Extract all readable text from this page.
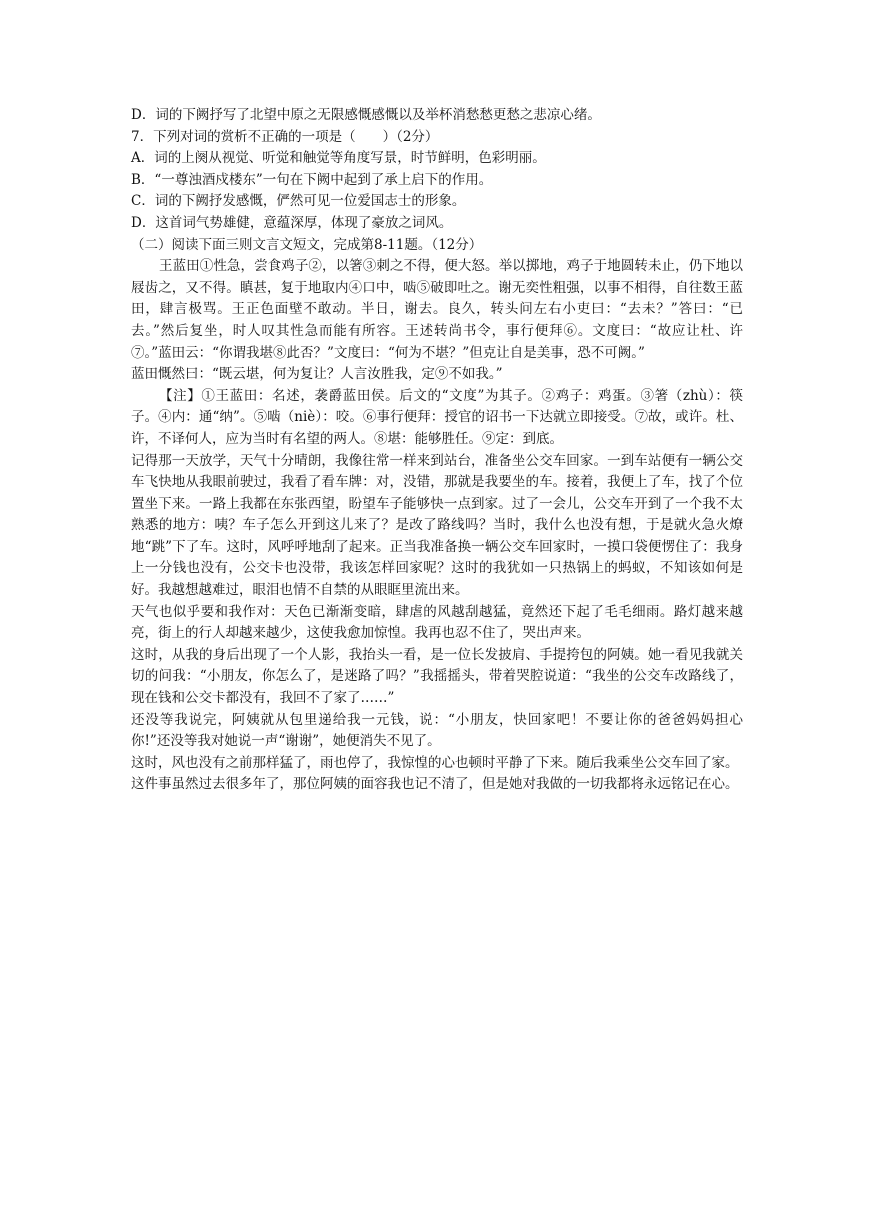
D．词的下阙抒写了北望中原之无限感慨感慨以及举杯消愁愁更愁之悲凉心绪。

7．下列对词的赏析不正确的一项是（　　）（2分）

A．词的上阕从视觉、听觉和触觉等角度写景，时节鲜明，色彩明丽。

B．“一尊浊酒戍楼东”一句在下阙中起到了承上启下的作用。

C．词的下阙抒发感慨，俨然可见一位爱国志士的形象。

D．这首词气势雄健，意蕴深厚，体现了豪放之词风。

（二）阅读下面三则文言文短文，完成第8-11题。（12分）

王蓝田①性急，尝食鸡子②，以箸③刺之不得，便大怒。举以掷地，鸡子于地圆转未止，仍下地以屐齿之，又不得。瞋甚，复于地取内④口中，啮⑤破即吐之。谢无奕性粗强，以事不相得，自往数王蓝田，肆言极骂。王正色面壁不敢动。半日，谢去。良久，转头问左右小吏曰：“去未？”答曰：“已去。”然后复坐，时人叹其性急而能有所容。王述转尚书令，事行便拜⑥。文度曰：“故应让杜、许⑦。”蓝田云：“你谓我堪⑧此否？”文度曰：“何为不堪？”但克让自是美事，恐不可阙。”

蓝田慨然曰：“既云堪，何为复让？人言汝胜我，定⑨不如我。”

【注】①王蓝田：名述，袭爵蓝田侯。后文的“文度”为其子。②鸡子：鸡蛋。③箸（zhù）：筷子。④内：通“纳”。⑤啮（niè）：咬。⑥事行便拜：授官的诏书一下达就立即接受。⑦故，或许。杜、许，不译何人，应为当时有名望的两人。⑧堪：能够胜任。⑨定：到底。

记得那一天放学，天气十分晴朗，我像往常一样来到站台，准备坐公交车回家。一到车站便有一辆公交车飞快地从我眼前驶过，我看了看车牌：对，没错，那就是我要坐的车。接着，我便上了车，找了个位置坐下来。一路上我都在东张西望，盼望车子能够快一点到家。过了一会儿，公交车开到了一个我不太熟悉的地方：咦？车子怎么开到这儿来了？是改了路线吗？当时，我什么也没有想，于是就火急火燎地“跳”下了车。这时，风呼呼地刮了起来。正当我准备换一辆公交车回家时，一摸口袋便愣住了：我身上一分钱也没有，公交卡也没带，我该怎样回家呢？这时的我犹如一只热锅上的蚂蚁，不知该如何是好。我越想越难过，眼泪也情不自禁的从眼眶里流出来。

天气也似乎要和我作对：天色已渐渐变暗，肆虐的风越刮越猛，竟然还下起了毛毛细雨。路灯越来越亮，街上的行人却越来越少，这使我愈加惊惶。我再也忍不住了，哭出声来。

这时，从我的身后出现了一个人影，我抬头一看，是一位长发披肩、手提挎包的阿姨。她一看见我就关切的问我：“小朋友，你怎么了，是迷路了吗？”我摇摇头，带着哭腔说道：“我坐的公交车改路线了，现在钱和公交卡都没有，我回不了家了……”

还没等我说完，阿姨就从包里递给我一元钱，说：“小朋友，快回家吧！不要让你的爸爸妈妈担心你!”还没等我对她说一声“谢谢”，她便消失不见了。

这时，风也没有之前那样猛了，雨也停了，我惊惶的心也顿时平静了下来。随后我乘坐公交车回了家。

这件事虽然过去很多年了，那位阿姨的面容我也记不清了，但是她对我做的一切我都将永远铭记在心。
